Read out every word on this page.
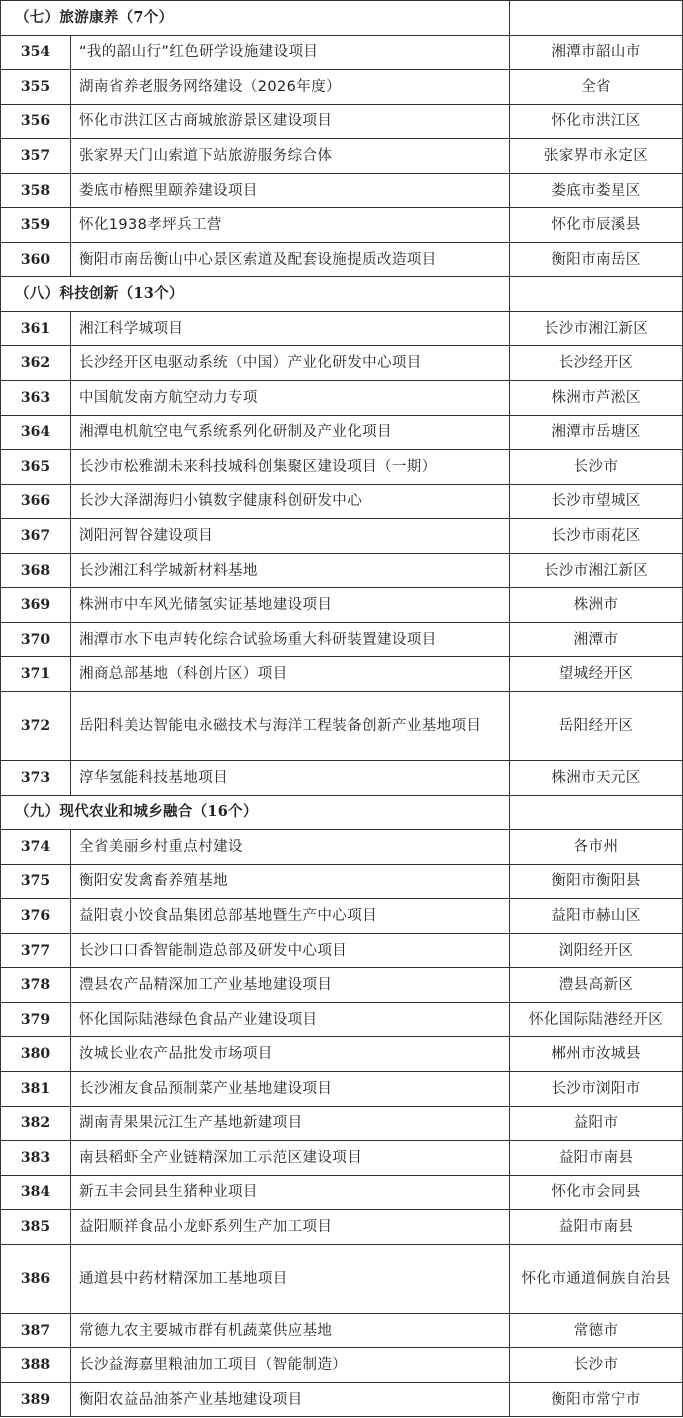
（七）旅游康养（7个）		
354	“我的韶山行”红色研学设施建设项目	湘潭市韶山市
355	湖南省养老服务网络建设（2026年度）	全省
356	怀化市洪江区古商城旅游景区建设项目	怀化市洪江区
357	张家界天门山索道下站旅游服务综合体	张家界市永定区
358	娄底市椿熙里颐养建设项目	娄底市娄星区
359	怀化1938孝坪兵工营	怀化市辰溪县
360	衡阳市南岳衡山中心景区索道及配套设施提质改造项目	衡阳市南岳区
（八）科技创新（13个）		
361	湘江科学城项目	长沙市湘江新区
362	长沙经开区电驱动系统（中国）产业化研发中心项目	长沙经开区
363	中国航发南方航空动力专项	株洲市芦淞区
364	湘潭电机航空电气系统系列化研制及产业化项目	湘潭市岳塘区
365	长沙市松雅湖未来科技城科创集聚区建设项目（一期）	长沙市
366	长沙大泽湖海归小镇数字健康科创研发中心	长沙市望城区
367	浏阳河智谷建设项目	长沙市雨花区
368	长沙湘江科学城新材料基地	长沙市湘江新区
369	株洲市中车风光储氢实证基地建设项目	株洲市
370	湘潭市水下电声转化综合试验场重大科研装置建设项目	湘潭市
371	湘商总部基地（科创片区）项目	望城经开区
372	岳阳科美达智能电永磁技术与海洋工程装备创新产业基地项目	岳阳经开区
373	淳华氢能科技基地项目	株洲市天元区
（九）现代农业和城乡融合（16个）		
374	全省美丽乡村重点村建设	各市州
375	衡阳安发禽畜养殖基地	衡阳市衡阳县
376	益阳袁小饺食品集团总部基地暨生产中心项目	益阳市赫山区
377	长沙口口香智能制造总部及研发中心项目	浏阳经开区
378	澧县农产品精深加工产业基地建设项目	澧县高新区
379	怀化国际陆港绿色食品产业建设项目	怀化国际陆港经开区
380	汝城长业农产品批发市场项目	郴州市汝城县
381	长沙湘友食品预制菜产业基地建设项目	长沙市浏阳市
382	湖南青果果沅江生产基地新建项目	益阳市
383	南县稻虾全产业链精深加工示范区建设项目	益阳市南县
384	新五丰会同县生猪种业项目	怀化市会同县
385	益阳顺祥食品小龙虾系列生产加工项目	益阳市南县
386	通道县中药材精深加工基地项目	怀化市通道侗族自治县
387	常德九农主要城市群有机蔬菜供应基地	常德市
388	长沙益海嘉里粮油加工项目（智能制造）	长沙市
389	衡阳农益品油茶产业基地建设项目	衡阳市常宁市
